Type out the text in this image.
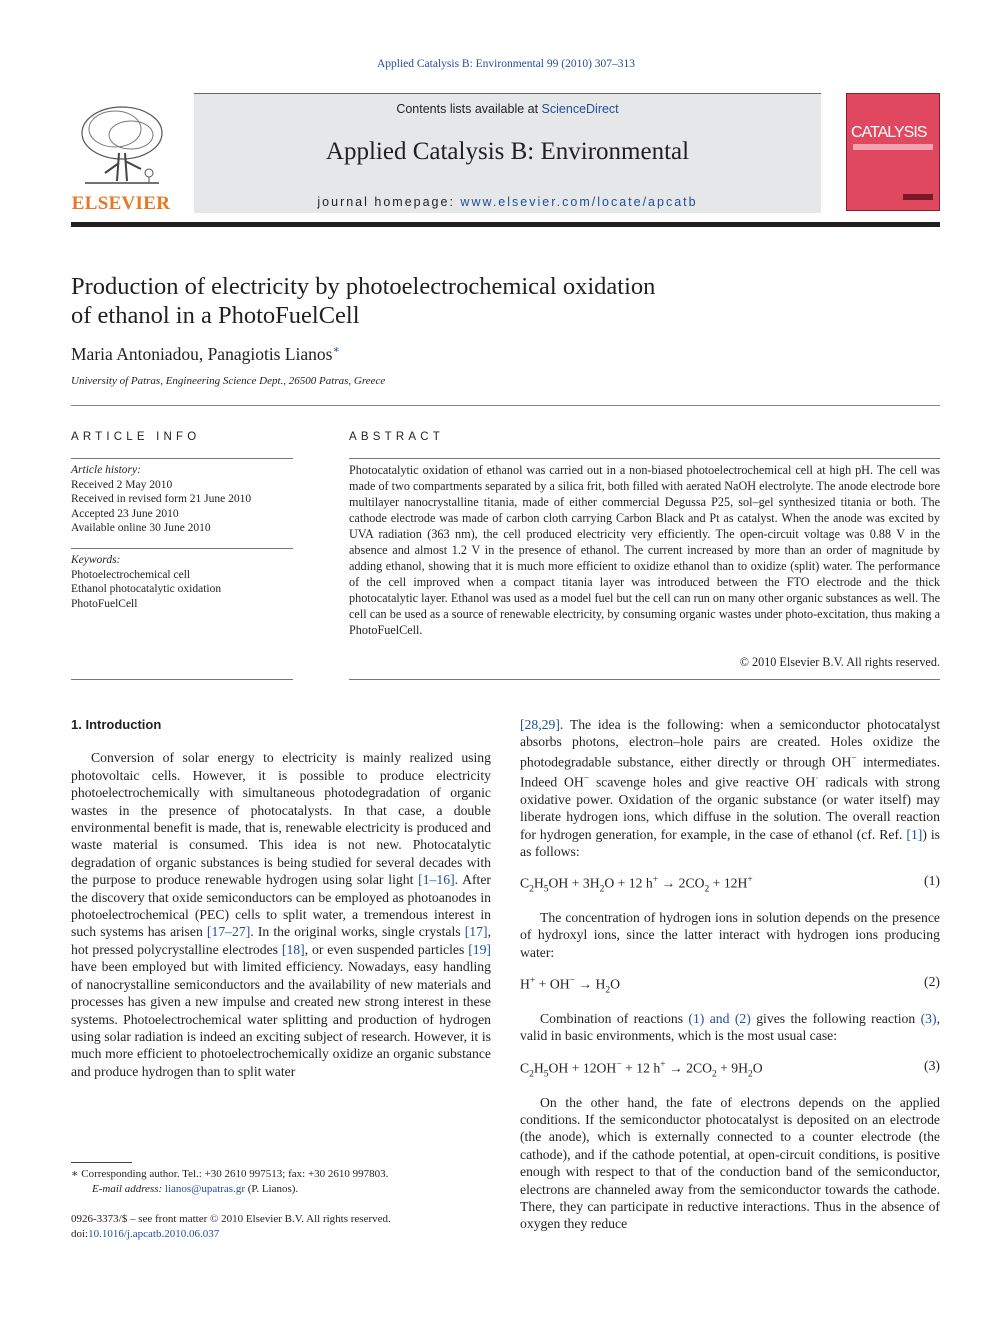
Applied Catalysis B: Environmental 99 (2010) 307–313
ELSEVIER
Contents lists available at ScienceDirect
Applied Catalysis B: Environmental
journal homepage: www.elsevier.com/locate/apcatb
CATALYSIS
Production of electricity by photoelectrochemical oxidation
of ethanol in a PhotoFuelCell
Maria Antoniadou, Panagiotis Lianos∗
University of Patras, Engineering Science Dept., 26500 Patras, Greece
ARTICLE INFO	ABSTRACT
Article history:
Received 2 May 2010
Received in revised form 21 June 2010
Accepted 23 June 2010
Available online 30 June 2010
Keywords:
Photoelectrochemical cell
Ethanol photocatalytic oxidation
PhotoFuelCell
Photocatalytic oxidation of ethanol was carried out in a non-biased photoelectrochemical cell at high pH. The cell was made of two compartments separated by a silica frit, both filled with aerated NaOH electrolyte. The anode electrode bore multilayer nanocrystalline titania, made of either commercial Degussa P25, sol–gel synthesized titania or both. The cathode electrode was made of carbon cloth carrying Carbon Black and Pt as catalyst. When the anode was excited by UVA radiation (363 nm), the cell produced electricity very efficiently. The open-circuit voltage was 0.88 V in the absence and almost 1.2 V in the presence of ethanol. The current increased by more than an order of magnitude by adding ethanol, showing that it is much more efficient to oxidize ethanol than to oxidize (split) water. The performance of the cell improved when a compact titania layer was introduced between the FTO electrode and the thick photocatalytic layer. Ethanol was used as a model fuel but the cell can run on many other organic substances as well. The cell can be used as a source of renewable electricity, by consuming organic wastes under photo-excitation, thus making a PhotoFuelCell.
© 2010 Elsevier B.V. All rights reserved.
1. Introduction
Conversion of solar energy to electricity is mainly realized using photovoltaic cells. However, it is possible to produce electricity photoelectrochemically with simultaneous photodegradation of organic wastes in the presence of photocatalysts. In that case, a double environmental benefit is made, that is, renewable electricity is produced and waste material is consumed. This idea is not new. Photocatalytic degradation of organic substances is being studied for several decades with the purpose to produce renewable hydrogen using solar light [1–16]. After the discovery that oxide semiconductors can be employed as photoanodes in photoelectrochemical (PEC) cells to split water, a tremendous interest in such systems has arisen [17–27]. In the original works, single crystals [17], hot pressed polycrystalline electrodes [18], or even suspended particles [19] have been employed but with limited efficiency. Nowadays, easy handling of nanocrystalline semiconductors and the availability of new materials and processes has given a new impulse and created new strong interest in these systems. Photoelectrochemical water splitting and production of hydrogen using solar radiation is indeed an exciting subject of research. However, it is much more efficient to photoelectrochemically oxidize an organic substance and produce hydrogen than to split water
[28,29]. The idea is the following: when a semiconductor photocatalyst absorbs photons, electron–hole pairs are created. Holes oxidize the photodegradable substance, either directly or through OH− intermediates. Indeed OH− scavenge holes and give reactive OH· radicals with strong oxidative power. Oxidation of the organic substance (or water itself) may liberate hydrogen ions, which diffuse in the solution. The overall reaction for hydrogen generation, for example, in the case of ethanol (cf. Ref. [1]) is as follows:
$C_2H_5OH + 3H_2O + 12$ $h^+ \to 2CO_2 + 12H^+$	(1)
The concentration of hydrogen ions in solution depends on the presence of hydroxyl ions, since the latter interact with hydrogen ions producing water:
$H^+ + OH^- \to H_2O$	(2)
Combination of reactions (1) and (2) gives the following reaction (3), valid in basic environments, which is the most usual case:
$C_2H_5OH + 12OH^- + 12$ $h^+ \to 2CO_2 + 9H_2O$	(3)
On the other hand, the fate of electrons depends on the applied conditions. If the semiconductor photocatalyst is deposited on an electrode (the anode), which is externally connected to a counter electrode (the cathode), and if the cathode potential, at open-circuit conditions, is positive enough with respect to that of the conduction band of the semiconductor, electrons are channeled away from the semiconductor towards the cathode. There, they can participate in reductive interactions. Thus in the absence of oxygen they reduce
∗ Corresponding author. Tel.: +30 2610 997513; fax: +30 2610 997803.
E-mail address: lianos@upatras.gr (P. Lianos).
0926-3373/$ – see front matter © 2010 Elsevier B.V. All rights reserved.
doi:10.1016/j.apcatb.2010.06.037
